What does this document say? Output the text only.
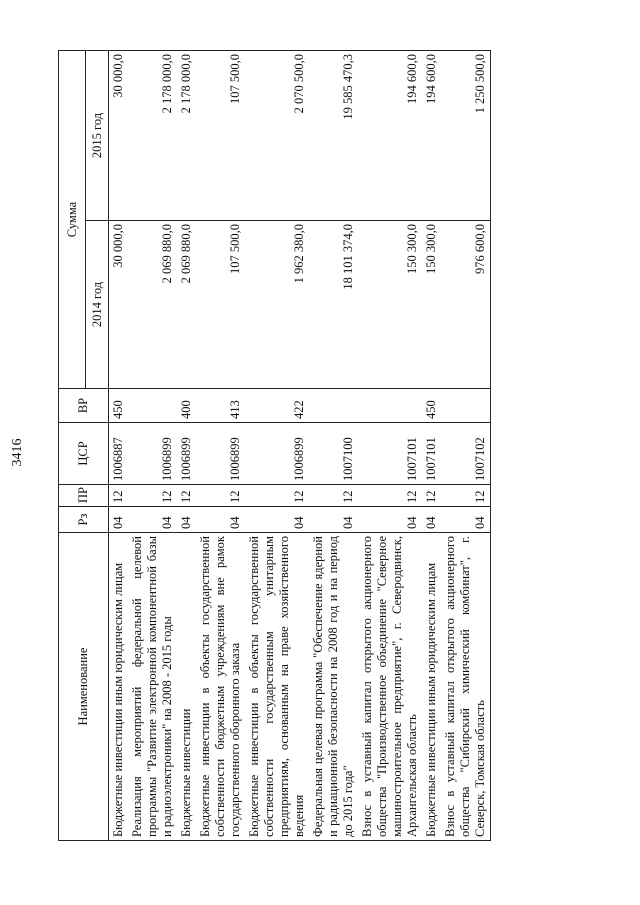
3416
Наименование	Рз	ПР	ЦСР	ВР	Сумма	
					2014 год	2015 год
Бюджетные инвестиции иным юридическим лицам	04	12	1006887	450	30 000,0	30 000,0
Реализация мероприятий федеральной целевой программы "Развитие электронной компонентной базы и радиоэлектроники" на 2008 - 2015 годы	04	12	1006899		2 069 880,0	2 178 000,0
Бюджетные инвестиции	04	12	1006899	400	2 069 880,0	2 178 000,0
Бюджетные инвестиции в объекты государственной собственности бюджетным учреждениям вне рамок государственного оборонного заказа	04	12	1006899	413	107 500,0	107 500,0
Бюджетные инвестиции в объекты государственной собственности государственным унитарным предприятиям, основанным на праве хозяйственного ведения	04	12	1006899	422	1 962 380,0	2 070 500,0
Федеральная целевая программа "Обеспечение ядерной и радиационной безопасности на 2008 год и на период до 2015 года"	04	12	1007100		18 101 374,0	19 585 470,3
Взнос в уставный капитал открытого акционерного общества "Производственное объединение "Северное машиностроительное предприятие", г. Северодвинск, Архангельская область	04	12	1007101		150 300,0	194 600,0
Бюджетные инвестиции иным юридическим лицам	04	12	1007101	450	150 300,0	194 600,0
Взнос в уставный капитал открытого акционерного общества "Сибирский химический комбинат", г. Северск, Томская область	04	12	1007102		976 600,0	1 250 500,0
